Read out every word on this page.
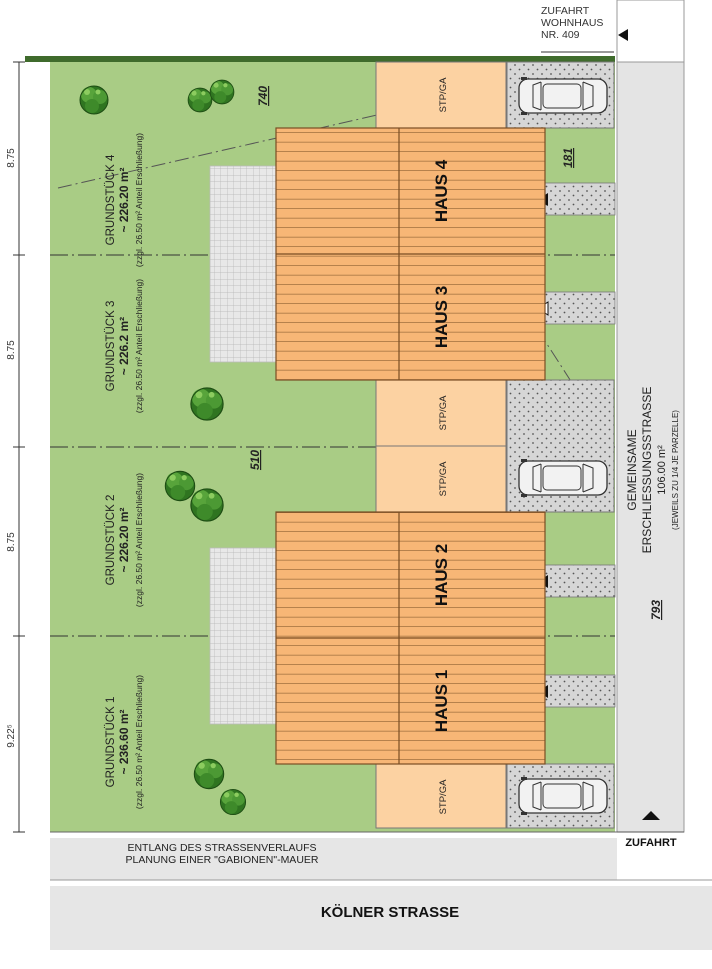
ZUFAHRT
WOHNHAUS
NR. 409
8.75
8.75
8.75
9.22⁵
STP/GA
STP/GA
STP/GA
STP/GA
HAUS 4
HAUS 3
HAUS 2
HAUS 1
GRUNDSTÜCK 4 ~ 226.20 m² (zzgl. 26.50 m² Anteil Erschließung)
GRUNDSTÜCK 3 ~ 226.2 m² (zzgl. 26.50 m² Anteil Erschließung)
GRUNDSTÜCK 2 ~ 226.20 m² (zzgl. 26.50 m² Anteil Erschließung)
GRUNDSTÜCK 1 ~ 236.60 m² (zzgl. 26.50 m² Anteil Erschließung)
740
181
510
793
GEMEINSAME ERSCHLIESSUNGSSTRASSE 106.00 m² (JEWEILS ZU 1/4 JE PARZELLE)
ZUFAHRT
ENTLANG DES STRASSENVERLAUFS
PLANUNG EINER "GABIONEN"-MAUER
KÖLNER STRASSE
